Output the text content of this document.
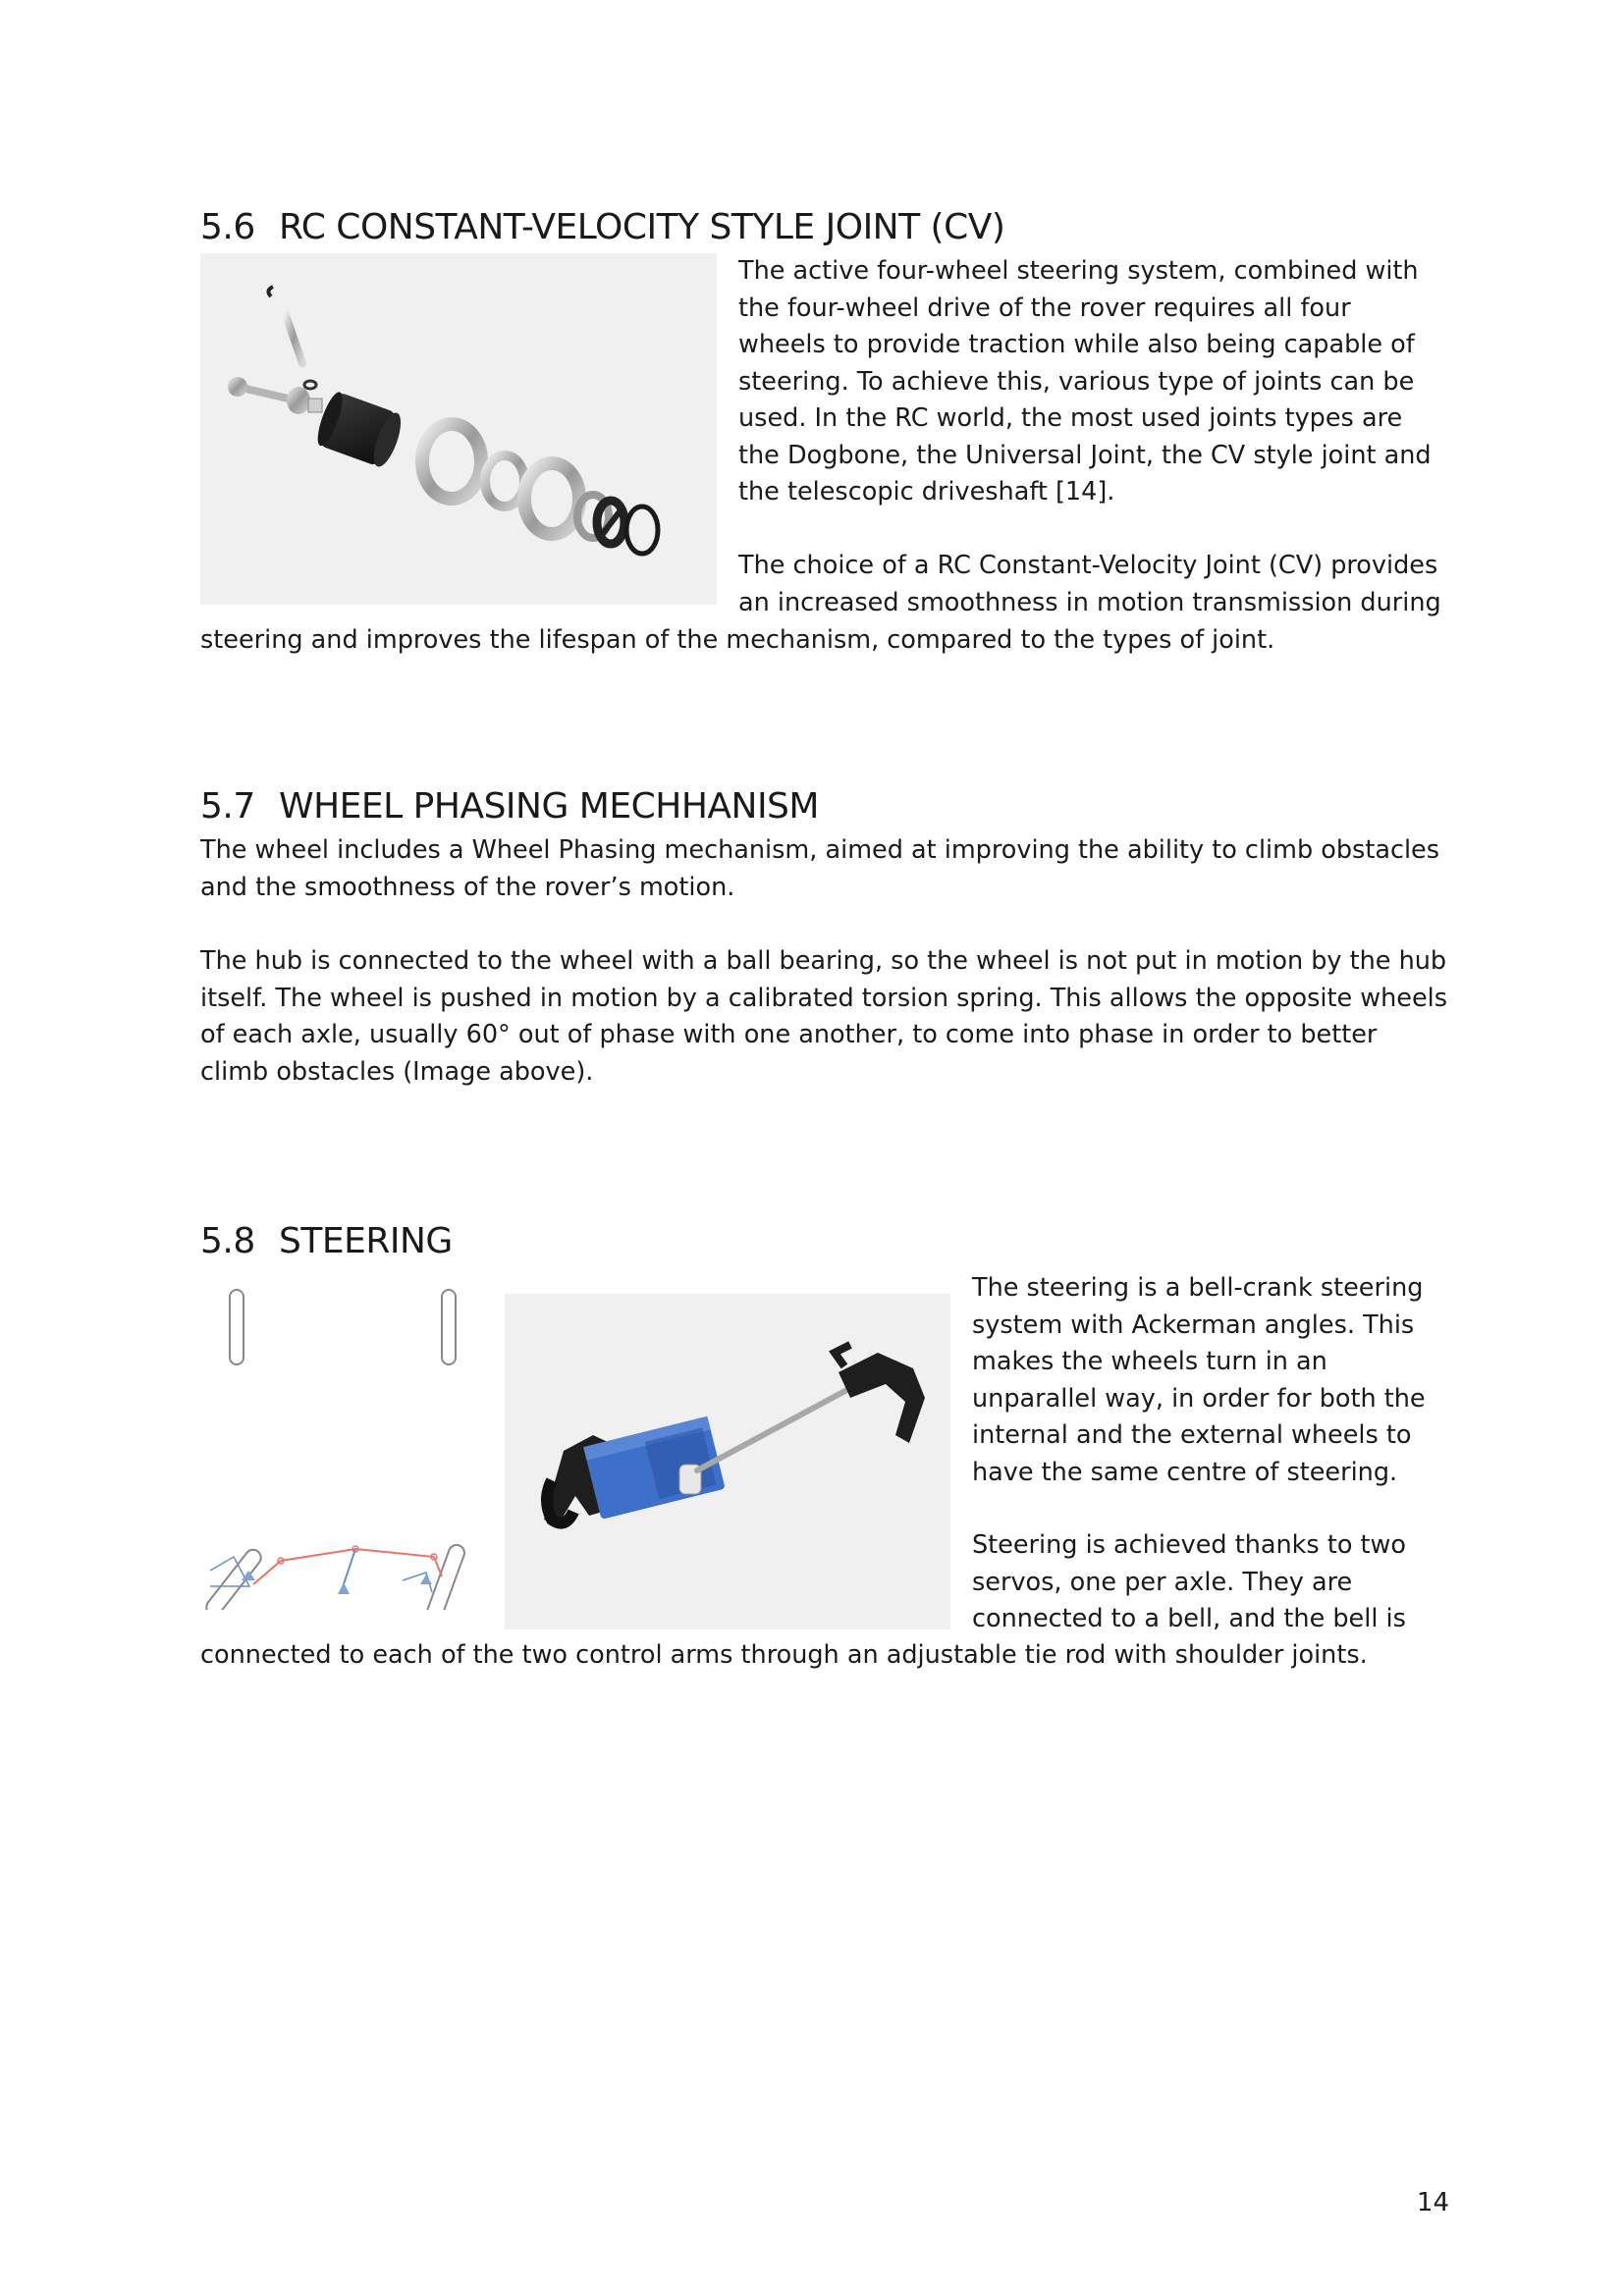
5.6 RC CONSTANT-VELOCITY STYLE JOINT (CV)
The active four-wheel steering system, combined with the four-wheel drive of the rover requires all four wheels to provide traction while also being capable of steering. To achieve this, various type of joints can be used. In the RC world, the most used joints types are the Dogbone, the Universal Joint, the CV style joint and the telescopic driveshaft [14].
The choice of a RC Constant-Velocity Joint (CV) provides an increased smoothness in motion transmission during
steering and improves the lifespan of the mechanism, compared to the types of joint.
5.7 WHEEL PHASING MECHHANISM
The wheel includes a Wheel Phasing mechanism, aimed at improving the ability to climb obstacles and the smoothness of the rover’s motion.
The hub is connected to the wheel with a ball bearing, so the wheel is not put in motion by the hub itself. The wheel is pushed in motion by a calibrated torsion spring. This allows the opposite wheels of each axle, usually 60° out of phase with one another, to come into phase in order to better climb obstacles (Image above).
5.8 STEERING
The steering is a bell-crank steering system with Ackerman angles. This makes the wheels turn in an unparallel way, in order for both the internal and the external wheels to have the same centre of steering.
Steering is achieved thanks to two servos, one per axle. They are connected to a bell, and the bell is
connected to each of the two control arms through an adjustable tie rod with shoulder joints.
14
